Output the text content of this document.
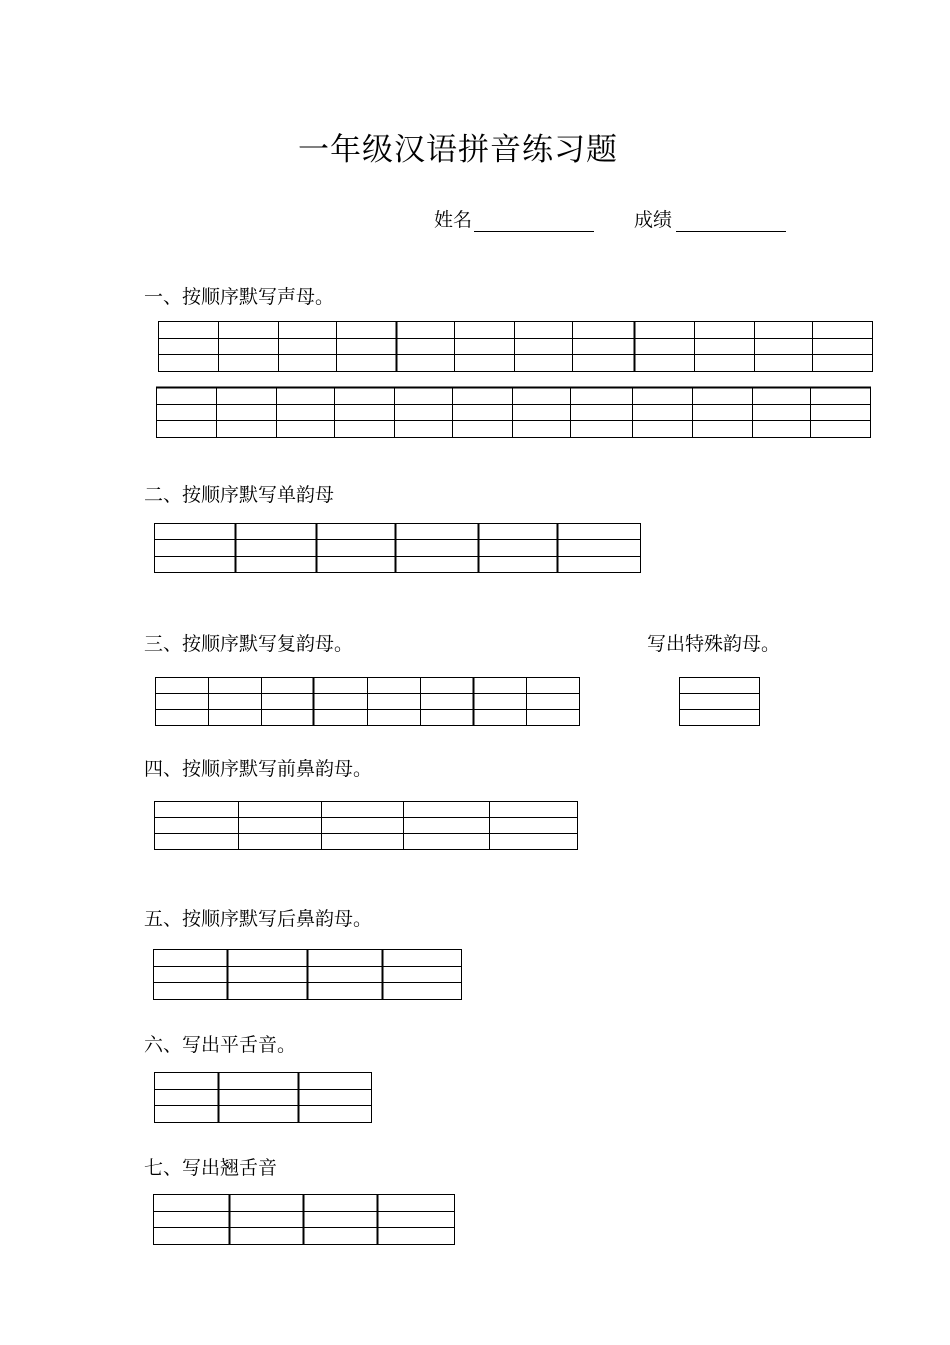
一年级汉语拼音练习题
姓名	成绩
一、按顺序默写声母。
二、按顺序默写单韵母
三、按顺序默写复韵母。	写出特殊韵母。
四、按顺序默写前鼻韵母。
五、按顺序默写后鼻韵母。
六、写出平舌音。
七、写出翘舌音
